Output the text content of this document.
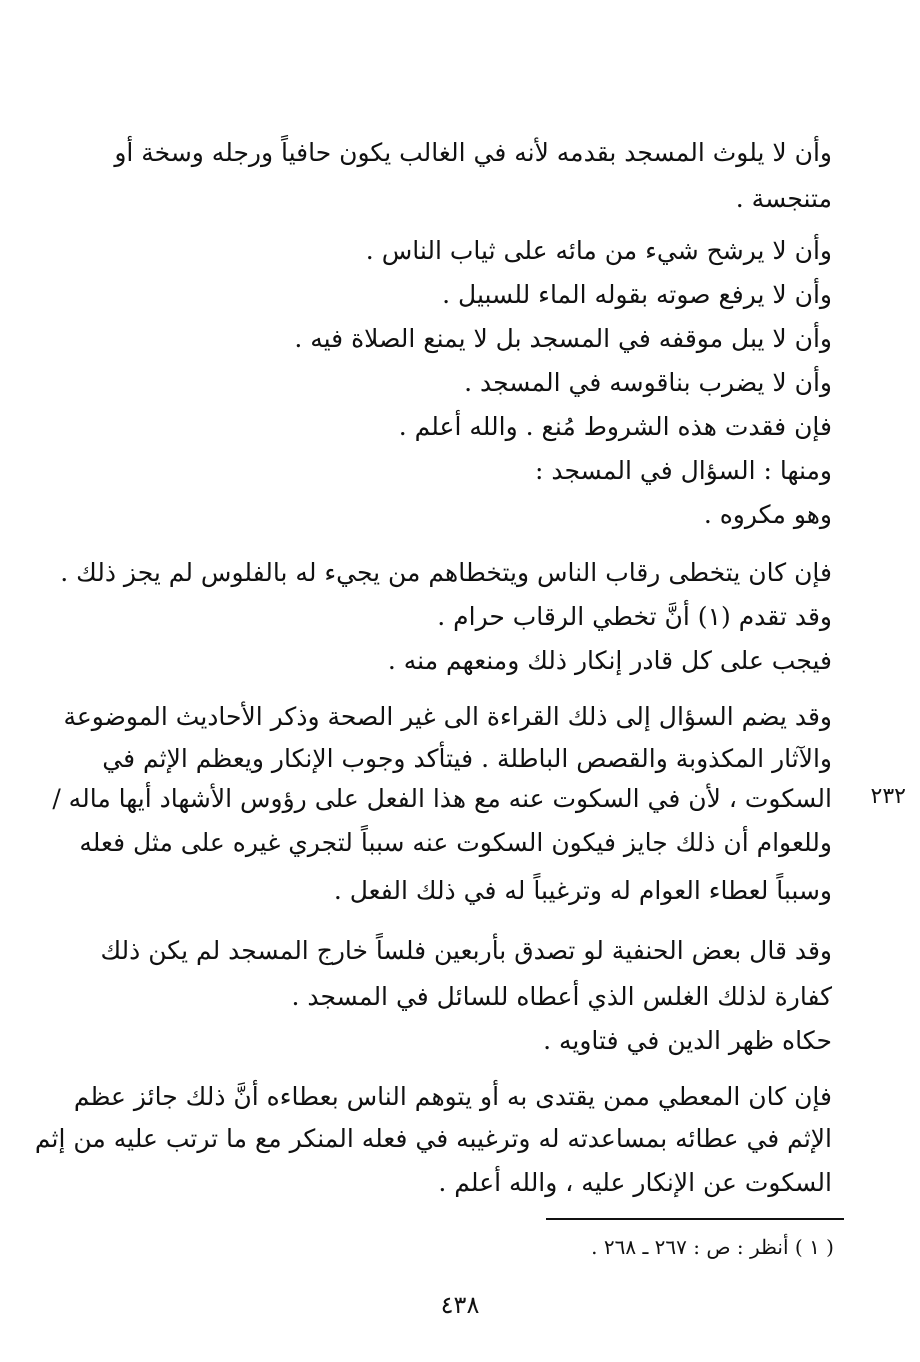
وأن لا يلوث المسجد بقدمه لأنه في الغالب يكون حافياً ورجله وسخة أو
متنجسة .
وأن لا يرشح شيء من مائه على ثياب الناس .
وأن لا يرفع صوته بقوله الماء للسبيل .
وأن لا يبل موقفه في المسجد بل لا يمنع الصلاة فيه .
وأن لا يضرب بناقوسه في المسجد .
فإن فقدت هذه الشروط مُنع . والله أعلم .
ومنها : السؤال في المسجد :
وهو مكروه .
فإن كان يتخطى رقاب الناس ويتخطاهم من يجيء له بالفلوس لم يجز ذلك .
وقد تقدم (١) أنَّ تخطي الرقاب حرام .
فيجب على كل قادر إنكار ذلك ومنعهم منه .
وقد يضم السؤال إلى ذلك القراءة الى غير الصحة وذكر الأحاديث الموضوعة
والآثار المكذوبة والقصص الباطلة . فيتأكد وجوب الإنكار ويعظم الإثم في
السكوت ، لأن في السكوت عنه مع هذا الفعل على رؤوس الأشهاد أيها ماله /
وللعوام أن ذلك جايز فيكون السكوت عنه سبباً لتجري غيره على مثل فعله
وسبباً لعطاء العوام له وترغيباً له في ذلك الفعل .
وقد قال بعض الحنفية لو تصدق بأربعين فلساً خارج المسجد لم يكن ذلك
كفارة لذلك الغلس الذي أعطاه للسائل في المسجد .
حكاه ظهر الدين في فتاويه .
فإن كان المعطي ممن يقتدى به أو يتوهم الناس بعطاءه أنَّ ذلك جائز عظم
الإثم في عطائه بمساعدته له وترغيبه في فعله المنكر مع ما ترتب عليه من إثم
السكوت عن الإنكار عليه ، والله أعلم .
٢٣٢
( ١ ) أنظر : ص : ٢٦٧ ـ ٢٦٨ .
٤٣٨
